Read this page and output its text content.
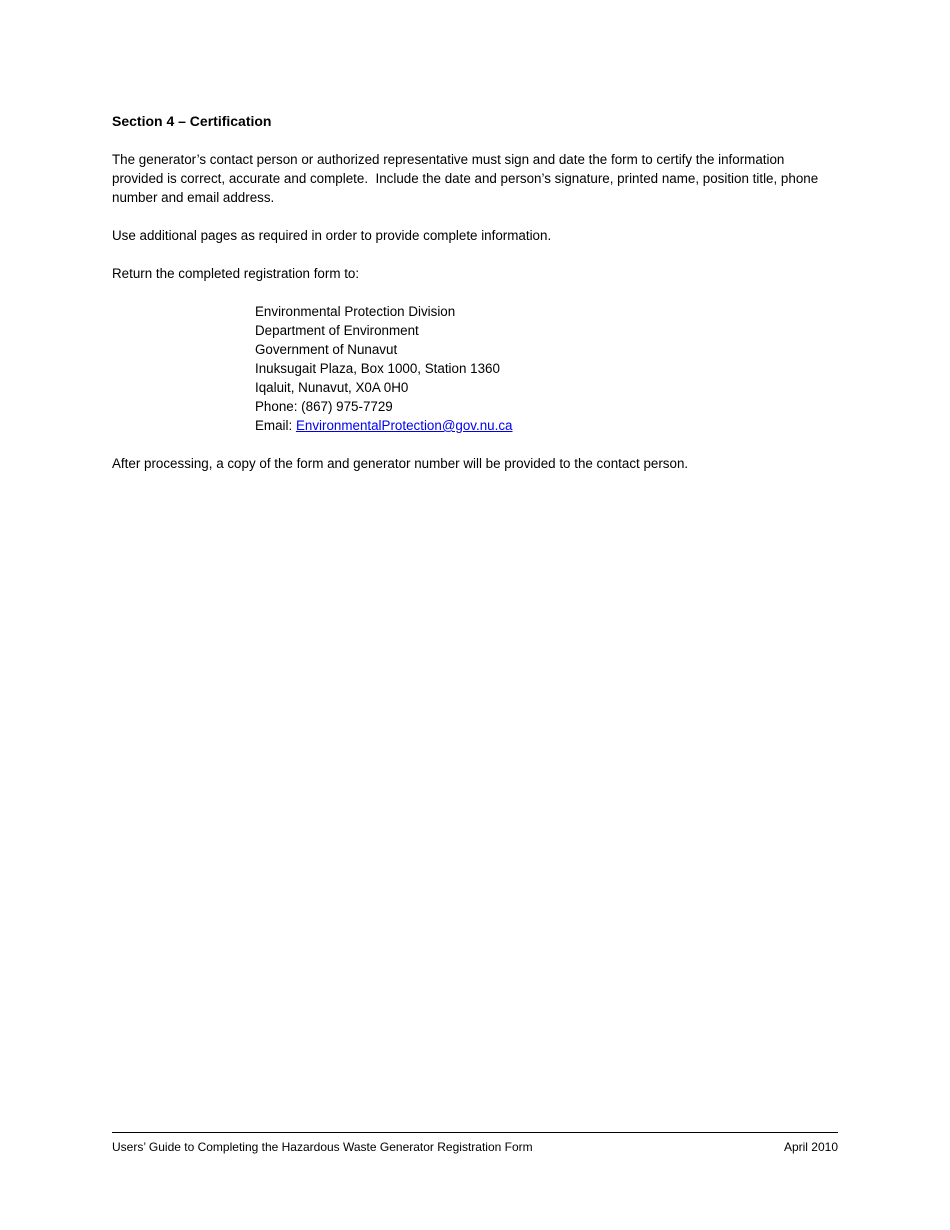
Section 4 – Certification
The generator’s contact person or authorized representative must sign and date the form to certify the information provided is correct, accurate and complete.  Include the date and person’s signature, printed name, position title, phone number and email address.
Use additional pages as required in order to provide complete information.
Return the completed registration form to:
Environmental Protection Division
Department of Environment
Government of Nunavut
Inuksugait Plaza, Box 1000, Station 1360
Iqaluit, Nunavut, X0A 0H0
Phone: (867) 975-7729
Email: EnvironmentalProtection@gov.nu.ca
After processing, a copy of the form and generator number will be provided to the contact person.
Users’ Guide to Completing the Hazardous Waste Generator Registration Form	April 2010
